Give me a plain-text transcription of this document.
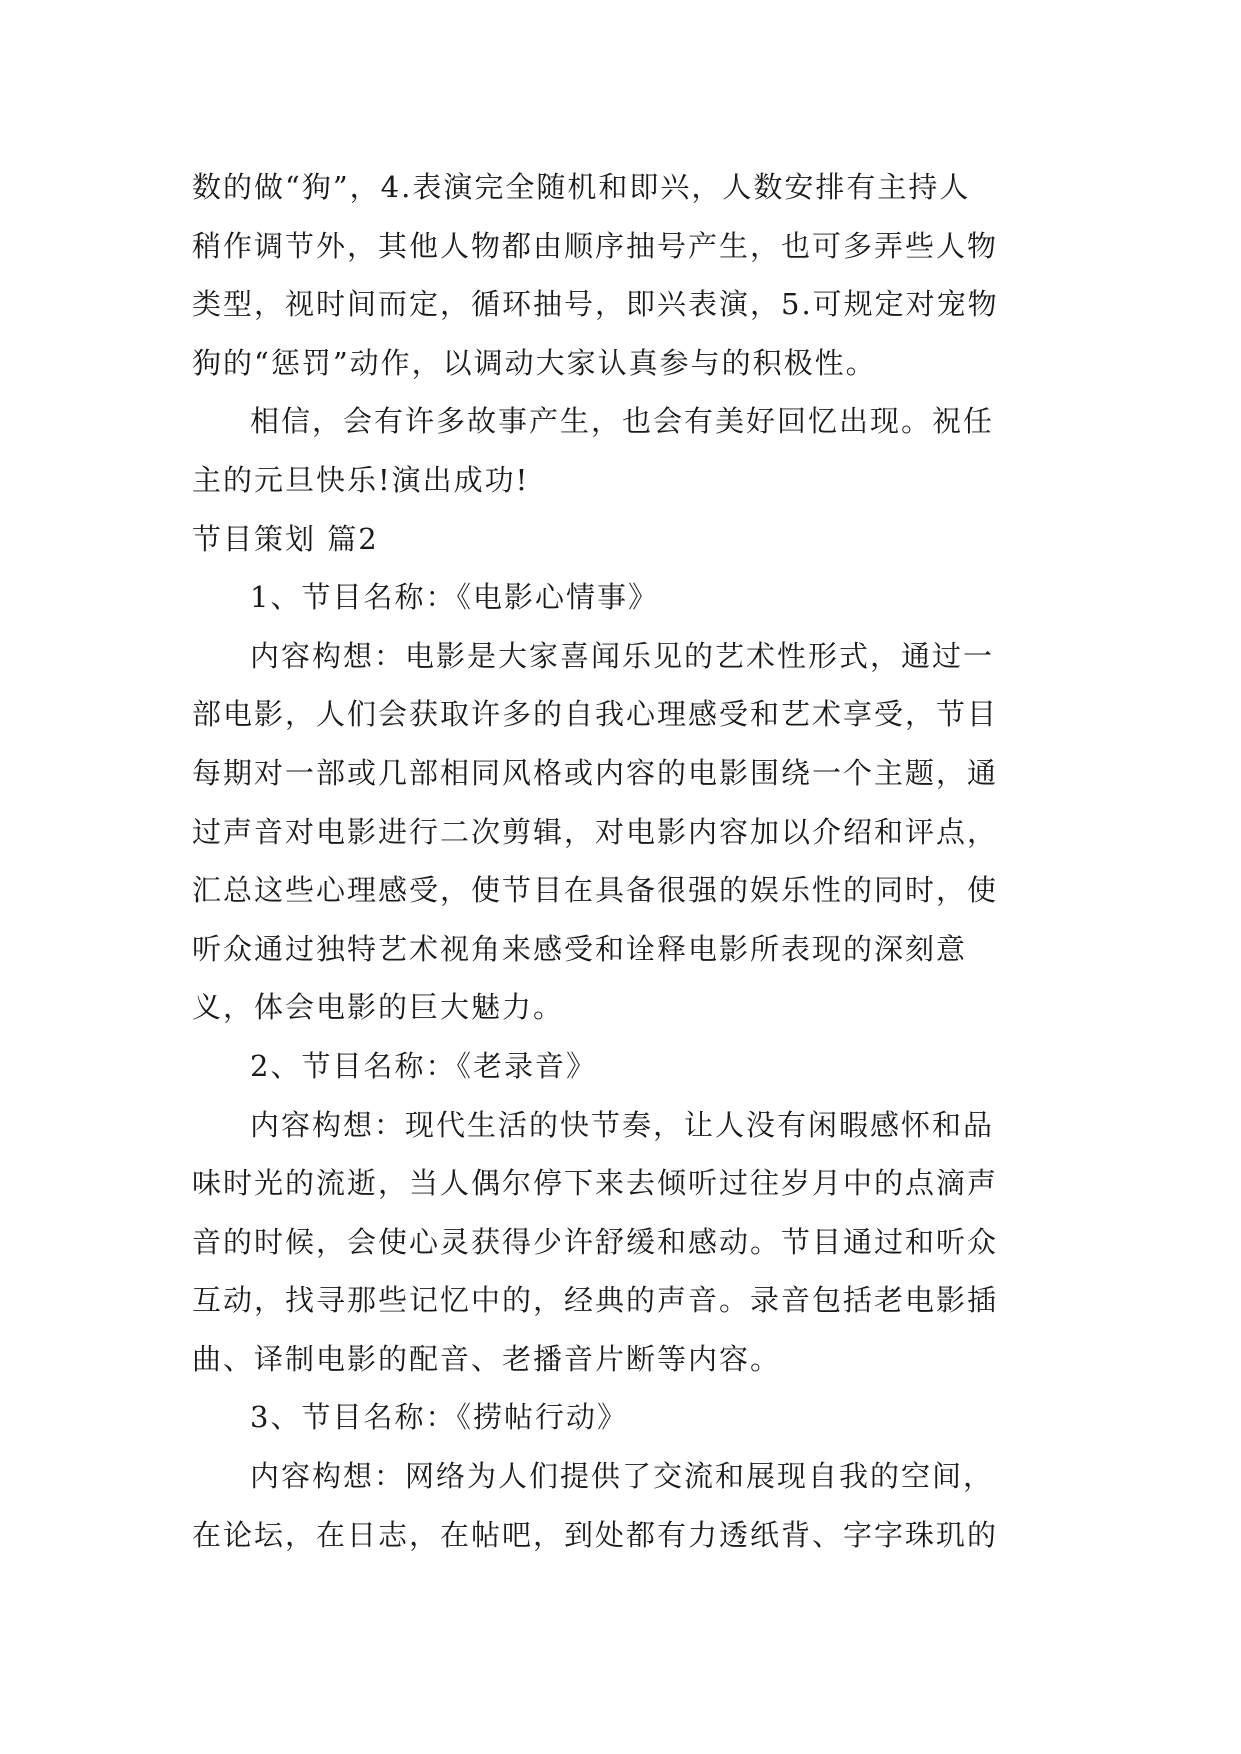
数的做“狗”，4.表演完全随机和即兴，人数安排有主持人
稍作调节外，其他人物都由顺序抽号产生，也可多弄些人物
类型，视时间而定，循环抽号，即兴表演，5.可规定对宠物
狗的“惩罚”动作，以调动大家认真参与的积极性。
相信，会有许多故事产生，也会有美好回忆出现。祝任
主的元旦快乐!演出成功!
节目策划 篇2
1、节目名称：《电影心情事》
内容构想：电影是大家喜闻乐见的艺术性形式，通过一
部电影，人们会获取许多的自我心理感受和艺术享受，节目
每期对一部或几部相同风格或内容的电影围绕一个主题，通
过声音对电影进行二次剪辑，对电影内容加以介绍和评点，
汇总这些心理感受，使节目在具备很强的娱乐性的同时，使
听众通过独特艺术视角来感受和诠释电影所表现的深刻意
义，体会电影的巨大魅力。
2、节目名称：《老录音》
内容构想：现代生活的快节奏，让人没有闲暇感怀和品
味时光的流逝，当人偶尔停下来去倾听过往岁月中的点滴声
音的时候，会使心灵获得少许舒缓和感动。节目通过和听众
互动，找寻那些记忆中的，经典的声音。录音包括老电影插
曲、译制电影的配音、老播音片断等内容。
3、节目名称：《捞帖行动》
内容构想：网络为人们提供了交流和展现自我的空间，
在论坛，在日志，在帖吧，到处都有力透纸背、字字珠玑的
